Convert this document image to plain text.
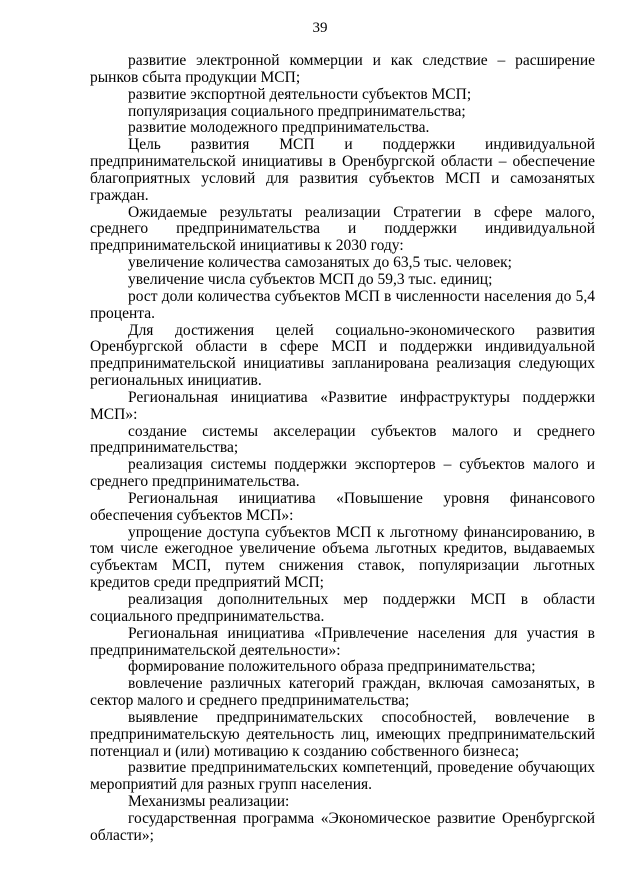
39

развитие электронной коммерции и как следствие – расширение рынков сбыта продукции МСП;

развитие экспортной деятельности субъектов МСП;

популяризация социального предпринимательства;

развитие молодежного предпринимательства.

Цель развития МСП и поддержки индивидуальной предпринимательской инициативы в Оренбургской области – обеспечение благоприятных условий для развития субъектов МСП и самозанятых граждан.

Ожидаемые результаты реализации Стратегии в сфере малого, среднего предпринимательства и поддержки индивидуальной предпринимательской инициативы к 2030 году:

увеличение количества самозанятых до 63,5 тыс. человек;

увеличение числа субъектов МСП до 59,3 тыс. единиц;

рост доли количества субъектов МСП в численности населения до 5,4 процента.

Для достижения целей социально-экономического развития Оренбургской области в сфере МСП и поддержки индивидуальной предпринимательской инициативы запланирована реализация следующих региональных инициатив.

Региональная инициатива «Развитие инфраструктуры поддержки МСП»:

создание системы акселерации субъектов малого и среднего предпринимательства;

реализация системы поддержки экспортеров – субъектов малого и среднего предпринимательства.

Региональная инициатива «Повышение уровня финансового обеспечения субъектов МСП»:

упрощение доступа субъектов МСП к льготному финансированию, в том числе ежегодное увеличение объема льготных кредитов, выдаваемых субъектам МСП, путем снижения ставок, популяризации льготных кредитов среди предприятий МСП;

реализация дополнительных мер поддержки МСП в области социального предпринимательства.

Региональная инициатива «Привлечение населения для участия в предпринимательской деятельности»:

формирование положительного образа предпринимательства;

вовлечение различных категорий граждан, включая самозанятых, в сектор малого и среднего предпринимательства;

выявление предпринимательских способностей, вовлечение в предпринимательскую деятельность лиц, имеющих предпринимательский потенциал и (или) мотивацию к созданию собственного бизнеса;

развитие предпринимательских компетенций, проведение обучающих мероприятий для разных групп населения.

Механизмы реализации:

государственная программа «Экономическое развитие Оренбургской области»;
